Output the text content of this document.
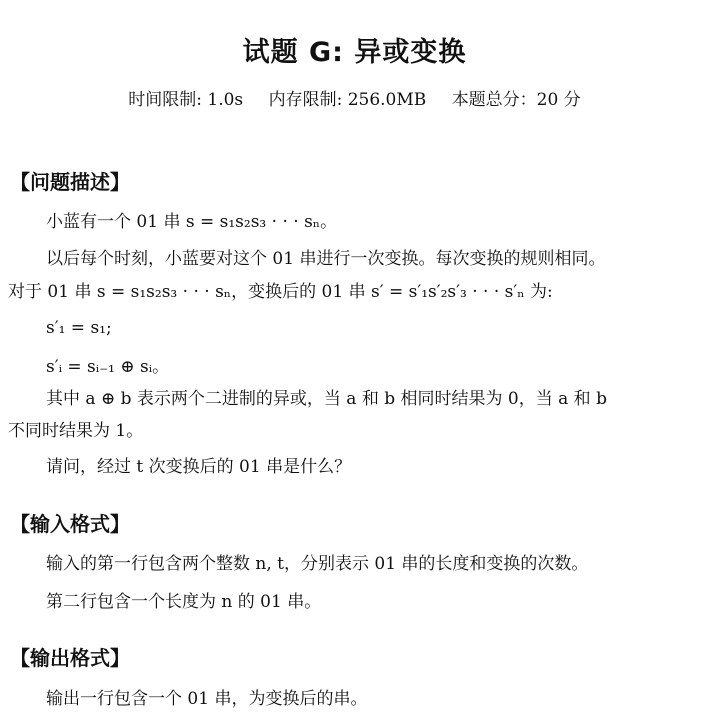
试题 G: 异或变换
时间限制: 1.0s 内存限制: 256.0MB 本题总分：20 分
【问题描述】
小蓝有一个 01 串 s = s₁s₂s₃ · · · sₙ。
以后每个时刻，小蓝要对这个 01 串进行一次变换。每次变换的规则相同。
对于 01 串 s = s₁s₂s₃ · · · sₙ，变换后的 01 串 s′ = s′₁s′₂s′₃ · · · s′ₙ 为:
s′₁ = s₁;
s′ᵢ = sᵢ₋₁ ⊕ sᵢ。
其中 a ⊕ b 表示两个二进制的异或，当 a 和 b 相同时结果为 0，当 a 和 b
不同时结果为 1。
请问，经过 t 次变换后的 01 串是什么？
【输入格式】
输入的第一行包含两个整数 n, t，分别表示 01 串的长度和变换的次数。
第二行包含一个长度为 n 的 01 串。
【输出格式】
输出一行包含一个 01 串，为变换后的串。
